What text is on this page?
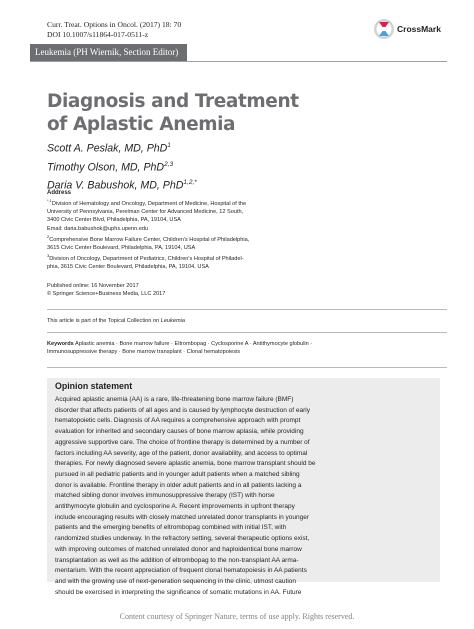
Curr. Treat. Options in Oncol. (2017) 18: 70
DOI 10.1007/s11864-017-0511-z	CrossMark
Leukemia (PH Wiernik, Section Editor)
Diagnosis and Treatment
of Aplastic Anemia
Scott A. Peslak, MD, PhD$^1$
Timothy Olson, MD, PhD$^{2,3}$
Daria V. Babushok, MD, PhD$^{1,2,*}$
Address
$^{*,1}$Division of Hematology and Oncology, Department of Medicine, Hospital of the
University of Pennsylvania, Perelman Center for Advanced Medicine, 12 South,
3400 Civic Center Blvd, Philadelphia, PA, 19104, USA
Email: daria.babushok@uphs.upenn.edu
$^2$Comprehensive Bone Marrow Failure Center, Children's Hospital of Philadelphia,
3615 Civic Center Boulevard, Philadelphia, PA, 19104, USA
$^3$Division of Oncology, Department of Pediatrics, Children's Hospital of Philadel-
phia, 3615 Civic Center Boulevard, Philadelphia, PA, 19104, USA
Published online: 16 November 2017
© Springer Science+Business Media, LLC 2017
This article is part of the Topical Collection on Leukemia
Keywords Aplastic anemia · Bone marrow failure · Eltrombopag · Cyclosporine A · Antithymocyte globulin ·
Immunosuppressive therapy · Bone marrow transplant · Clonal hematopoiesis
Opinion statement
Acquired aplastic anemia (AA) is a rare, life-threatening bone marrow failure (BMF)
disorder that affects patients of all ages and is caused by lymphocyte destruction of early
hematopoietic cells. Diagnosis of AA requires a comprehensive approach with prompt
evaluation for inherited and secondary causes of bone marrow aplasia, while providing
aggressive supportive care. The choice of frontline therapy is determined by a number of
factors including AA severity, age of the patient, donor availability, and access to optimal
therapies. For newly diagnosed severe aplastic anemia, bone marrow transplant should be
pursued in all pediatric patients and in younger adult patients when a matched sibling
donor is available. Frontline therapy in older adult patients and in all patients lacking a
matched sibling donor involves immunosuppressive therapy (IST) with horse
antithymocyte globulin and cyclosporine A. Recent improvements in upfront therapy
include encouraging results with closely matched unrelated donor transplants in younger
patients and the emerging benefits of eltrombopag combined with initial IST, with
randomized studies underway. In the refractory setting, several therapeutic options exist,
with improving outcomes of matched unrelated donor and haploidentical bone marrow
transplantation as well as the addition of eltrombopag to the non-transplant AA arma-
mentarium. With the recent appreciation of frequent clonal hematopoiesis in AA patients
and with the growing use of next-generation sequencing in the clinic, utmost caution
should be exercised in interpreting the significance of somatic mutations in AA. Future
Content courtesy of Springer Nature, terms of use apply. Rights reserved.
